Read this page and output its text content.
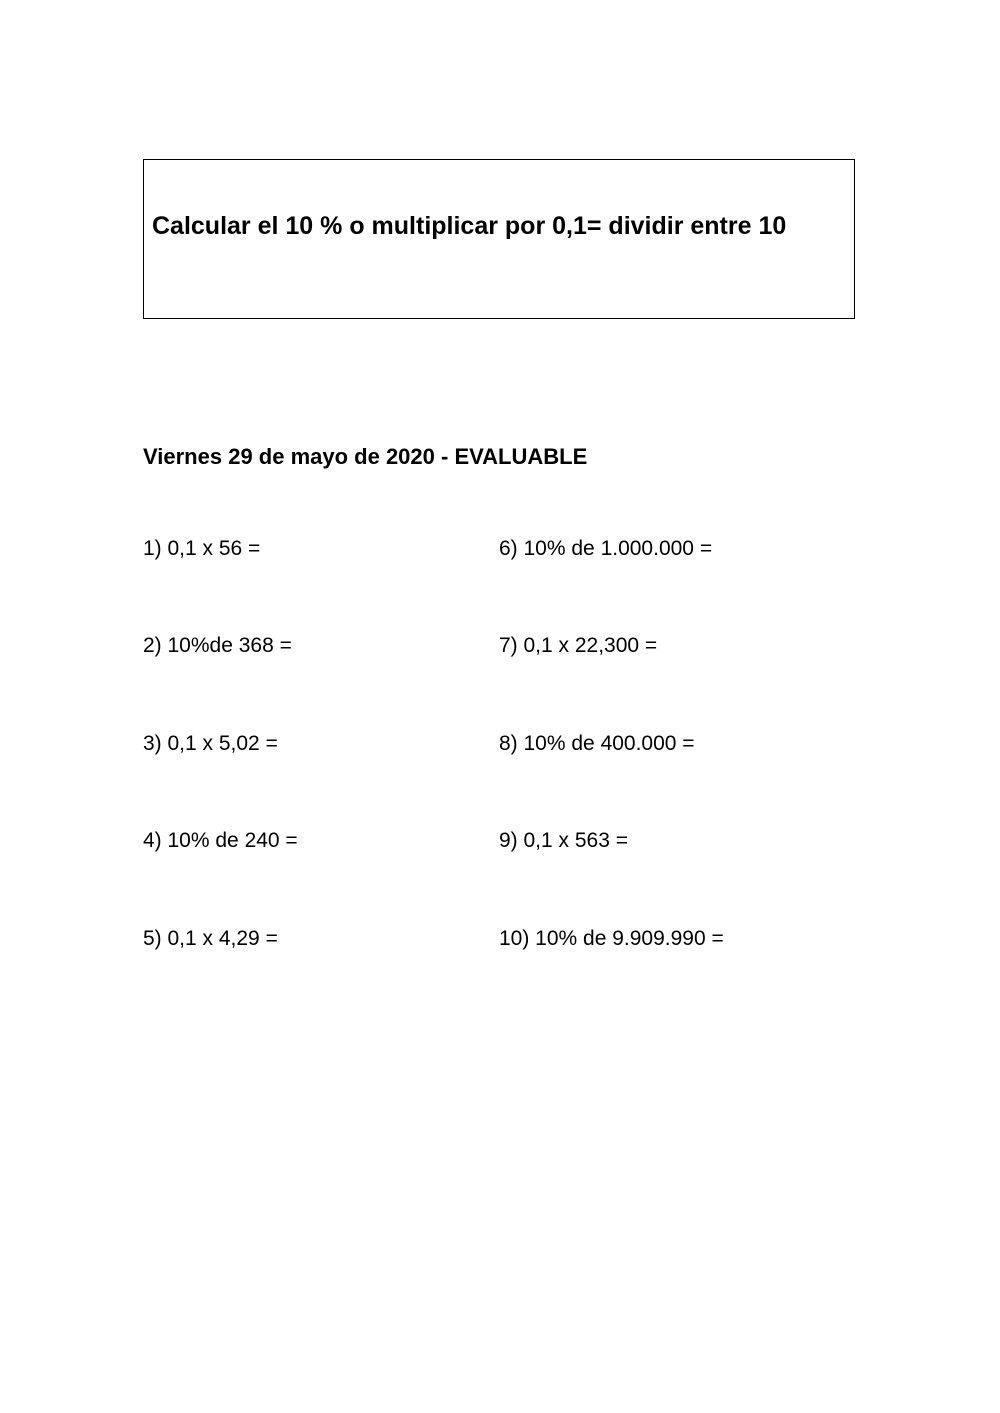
Calcular el 10 % o multiplicar por 0,1= dividir entre 10
Viernes 29 de mayo de 2020 - EVALUABLE
1) 0,1 x 56 =
2) 10%de 368 =
3) 0,1 x 5,02 =
4) 10% de 240 =
5) 0,1 x 4,29 =
6) 10% de 1.000.000 =
7) 0,1 x 22,300 =
8) 10% de 400.000 =
9) 0,1 x 563 =
10) 10% de 9.909.990 =
